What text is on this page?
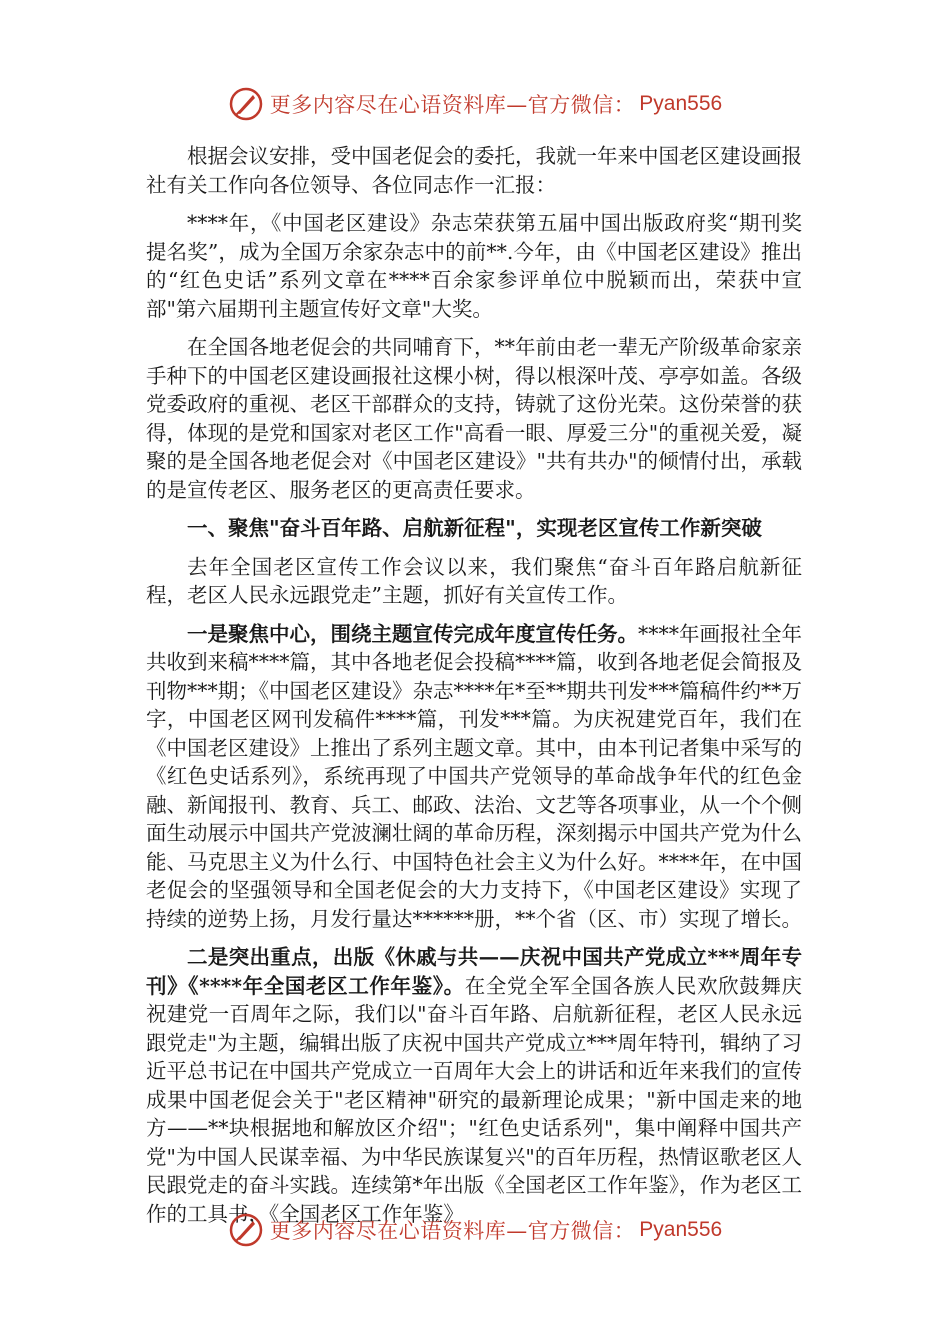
更多内容尽在心语资料库—官方微信： Pyan556

根据会议安排，受中国老促会的委托，我就一年来中国老区建设画报社有关工作向各位领导、各位同志作一汇报：

****年，《中国老区建设》杂志荣获第五届中国出版政府奖“期刊奖提名奖”，成为全国万余家杂志中的前**.今年，由《中国老区建设》推出的“红色史话”系列文章在****百余家参评单位中脱颖而出，荣获中宣部"第六届期刊主题宣传好文章"大奖。

在全国各地老促会的共同哺育下，**年前由老一辈无产阶级革命家亲手种下的中国老区建设画报社这棵小树，得以根深叶茂、亭亭如盖。各级党委政府的重视、老区干部群众的支持，铸就了这份光荣。这份荣誉的获得，体现的是党和国家对老区工作"高看一眼、厚爱三分"的重视关爱，凝聚的是全国各地老促会对《中国老区建设》"共有共办"的倾情付出，承载的是宣传老区、服务老区的更高责任要求。

一、聚焦"奋斗百年路、启航新征程"，实现老区宣传工作新突破

去年全国老区宣传工作会议以来，我们聚焦“奋斗百年路启航新征程，老区人民永远跟党走”主题，抓好有关宣传工作。

一是聚焦中心，围绕主题宣传完成年度宣传任务。****年画报社全年共收到来稿****篇，其中各地老促会投稿****篇，收到各地老促会简报及刊物***期；《中国老区建设》杂志****年*至**期共刊发***篇稿件约**万字，中国老区网刊发稿件****篇，刊发***篇。为庆祝建党百年，我们在《中国老区建设》上推出了系列主题文章。其中，由本刊记者集中采写的《红色史话系列》，系统再现了中国共产党领导的革命战争年代的红色金融、新闻报刊、教育、兵工、邮政、法治、文艺等各项事业，从一个个侧面生动展示中国共产党波澜壮阔的革命历程，深刻揭示中国共产党为什么能、马克思主义为什么行、中国特色社会主义为什么好。****年，在中国老促会的坚强领导和全国老促会的大力支持下，《中国老区建设》实现了持续的逆势上扬，月发行量达******册，**个省（区、市）实现了增长。

二是突出重点，出版《休戚与共——庆祝中国共产党成立***周年专刊》《****年全国老区工作年鉴》。在全党全军全国各族人民欢欣鼓舞庆祝建党一百周年之际，我们以"奋斗百年路、启航新征程，老区人民永远跟党走"为主题，编辑出版了庆祝中国共产党成立***周年特刊，辑纳了习近平总书记在中国共产党成立一百周年大会上的讲话和近年来我们的宣传成果中国老促会关于"老区精神"研究的最新理论成果；"新中国走来的地方——**块根据地和解放区介绍"；"红色史话系列"，集中阐释中国共产党"为中国人民谋幸福、为中华民族谋复兴"的百年历程，热情讴歌老区人民跟党走的奋斗实践。连续第*年出版《全国老区工作年鉴》，作为老区工作的工具书，《全国老区工作年鉴》

更多内容尽在心语资料库—官方微信： Pyan556
